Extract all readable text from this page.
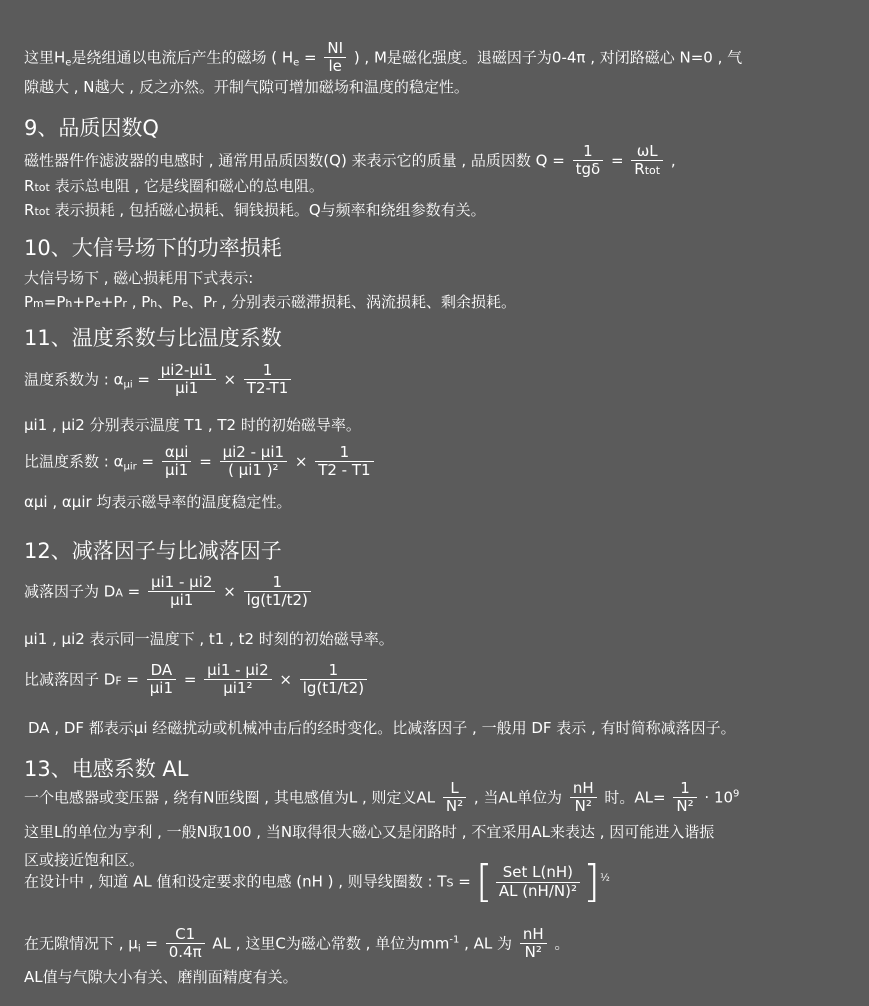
这里$H_e$是绕组通以电流后产生的磁场 ( $H_e = \frac{NI}{le}$ ) , M是磁化强度。退磁因子为0-4π , 对闭路磁心 N=0 , 气
隙越大 , N越大 , 反之亦然。开制气隙可增加磁场和温度的稳定性。
9、品质因数Q
磁性器件作滤波器的电感时 , 通常用品质因数(Q) 来表示它的质量 , 品质因数 $Q = \frac{1}{\text{tgδ}} = \frac{\omega L}{\text{Rtot}}$ ,
Rtot 表示总电阻 , 它是线圈和磁心的总电阻。
Rtot 表示损耗 , 包括磁心损耗、铜钱损耗。Q与频率和绕组参数有关。
10、大信号场下的功率损耗
大信号场下 , 磁心损耗用下式表示:
Pm=Ph+Pe+Pr , Ph、Pe、Pr , 分别表示磁滞损耗、涡流损耗、剩余损耗。
11、温度系数与比温度系数
温度系数为 : $\alpha_{\mu i} = \frac{\mu i2-\mu i1}{\mu i1} \times \frac{1}{T2-T1}$
μi1 , μi2 分别表示温度 T1 , T2 时的初始磁导率。
比温度系数 : $\alpha_{\mu ir} = \frac{\text{αμi}}{\mu i1} = \frac{\mu i2 - \mu i1}{\text{( μi1 )²}} \times \frac{1}{T2 - T1}$
αμi , αμir 均表示磁导率的温度稳定性。
12、减落因子与比减落因子
减落因子为 DA = $\frac{\mu i1 - \mu i2}{\mu i1} \times \frac{1}{\lg(t1/t2)}$
μi1 , μi2 表示同一温度下 , t1 , t2 时刻的初始磁导率。
比减落因子 DF = $\frac{DA}{\mu i1} = \frac{\mu i1 - \mu i2}{\text{μi1²}} \times \frac{1}{\lg(t1/t2)}$
DA , DF 都表示μi 经磁扰动或机械冲击后的经时变化。比减落因子 , 一般用 DF 表示 , 有时简称减落因子。
13、电感系数 AL
一个电感器或变压器 , 绕有N匝线圈 , 其电感值为L , 则定义AL $\frac{L}{\text{N²}}$ , 当AL单位为 $\frac{nH}{\text{N²}}$ 时。$AL= \frac{1}{\text{N²}} \cdot 10^9$
这里L的单位为亨利 , 一般N取100 , 当N取得很大磁心又是闭路时 , 不宜采用AL来表达 , 因可能进入谐振
区或接近饱和区。
在设计中 , 知道 AL 值和设定要求的电感 (nH ) , 则导线圈数 : TS = [ $\frac{\text{Set L(nH)}}{\text{AL (nH/N)²}} ]^{\frac{1}{2}}$
在无隙情况下 , $\mu_i = \frac{C1}{0.4\pi}$ AL , 这里C为磁心常数 , 单位为$mm^{-1}$ , AL 为 $\frac{nH}{\text{N²}}$ 。
AL值与气隙大小有关、磨削面精度有关。
